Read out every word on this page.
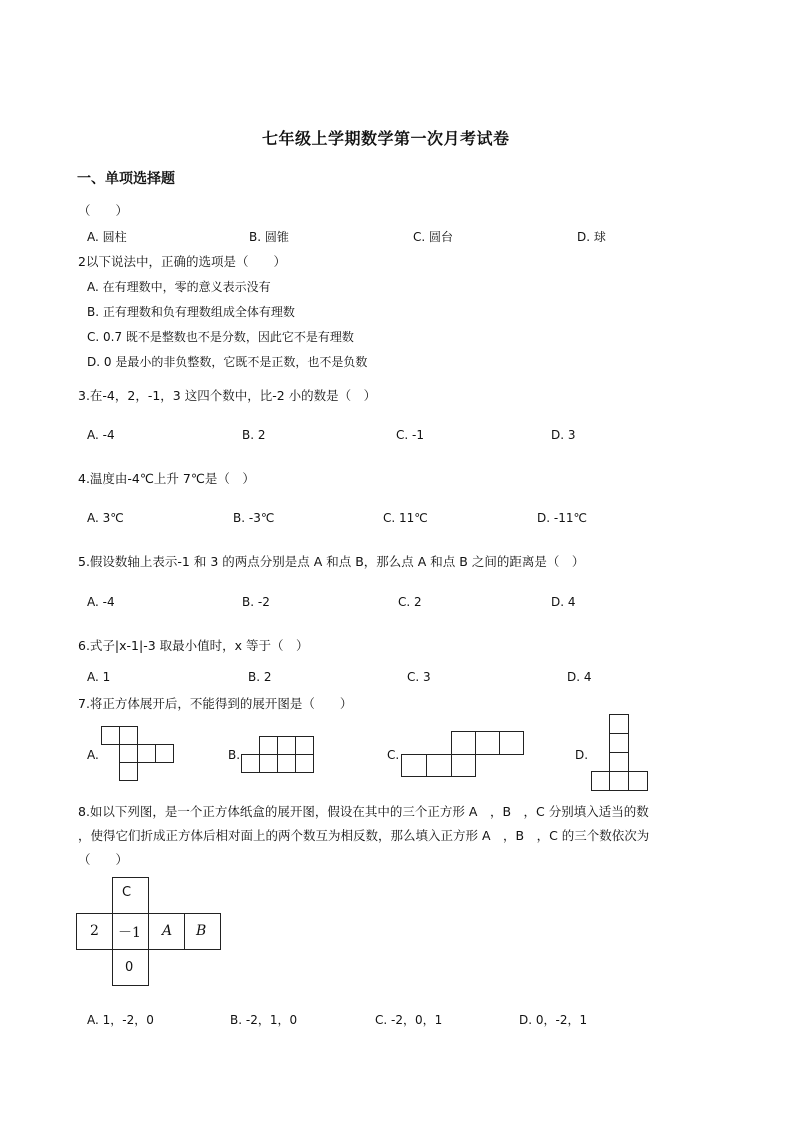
七年级上学期数学第一次月考试卷
一、单项选择题
（　　）
A. 圆柱	B. 圆锥	C. 圆台	D. 球
2以下说法中，正确的选项是（　　）
A. 在有理数中，零的意义表示没有
B. 正有理数和负有理数组成全体有理数
C. 0.7 既不是整数也不是分数，因此它不是有理数
D. 0 是最小的非负整数，它既不是正数，也不是负数
3.在-4，2，-1，3 这四个数中，比-2 小的数是（　）
A. -4	B. 2	C. -1	D. 3
4.温度由-4℃上升 7℃是（　）
A. 3℃	B. -3℃	C. 11℃	D. -11℃
5.假设数轴上表示-1 和 3 的两点分别是点 A 和点 B，那么点 A 和点 B 之间的距离是（　）
A. -4	B. -2	C. 2	D. 4
6.式子|x-1|-3 取最小值时，x 等于（　）
A. 1	B. 2	C. 3	D. 4
7.将正方体展开后，不能得到的展开图是（　　）
A.	B.	C.	D.
8.如以下列图，是一个正方体纸盒的展开图，假设在其中的三个正方形 A　，B　，C 分别填入适当的数
，使得它们折成正方体后相对面上的两个数互为相反数，那么填入正方形 A　，B　，C 的三个数依次为
（　　）
C
2 －1 A B
0
A. 1，-2，0	B. -2，1，0	C. -2，0，1	D. 0，-2，1
